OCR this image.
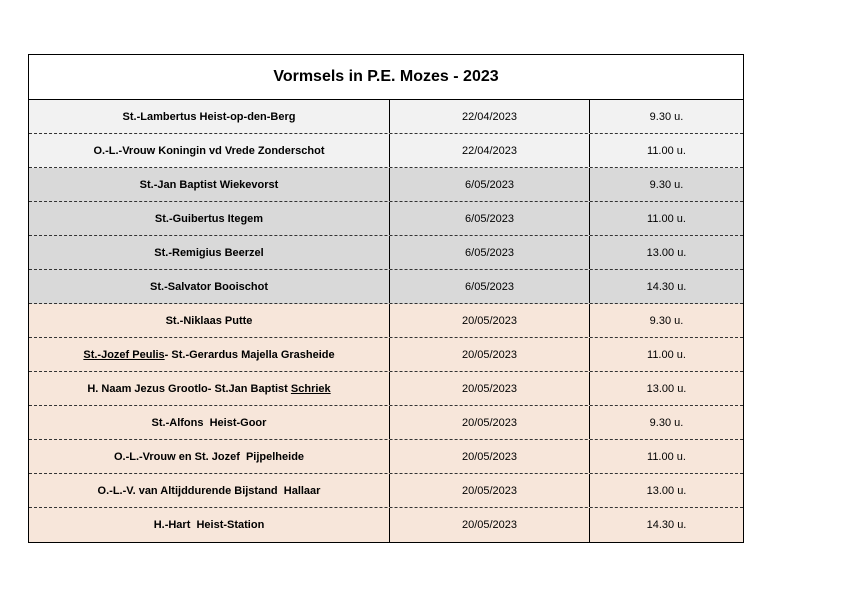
Vormsels in P.E. Mozes - 2023
St.-Lambertus Heist-op-den-Berg	22/04/2023	9.30 u.
O.-L.-Vrouw Koningin vd Vrede Zonderschot	22/04/2023	11.00 u.
St.-Jan Baptist Wiekevorst	6/05/2023	9.30 u.
St.-Guibertus Itegem	6/05/2023	11.00 u.
St.-Remigius Beerzel	6/05/2023	13.00 u.
St.-Salvator Booischot	6/05/2023	14.30 u.
St.-Niklaas Putte	20/05/2023	9.30 u.
St.-Jozef Peulis - St.-Gerardus Majella Grasheide	20/05/2023	11.00 u.
H. Naam Jezus Grootlo- St.Jan Baptist Schriek	20/05/2023	13.00 u.
St.-Alfons  Heist-Goor	20/05/2023	9.30 u.
O.-L.-Vrouw en St. Jozef  Pijpelheide	20/05/2023	11.00 u.
O.-L.-V. van Altijddurende Bijstand  Hallaar	20/05/2023	13.00 u.
H.-Hart  Heist-Station	20/05/2023	14.30 u.
